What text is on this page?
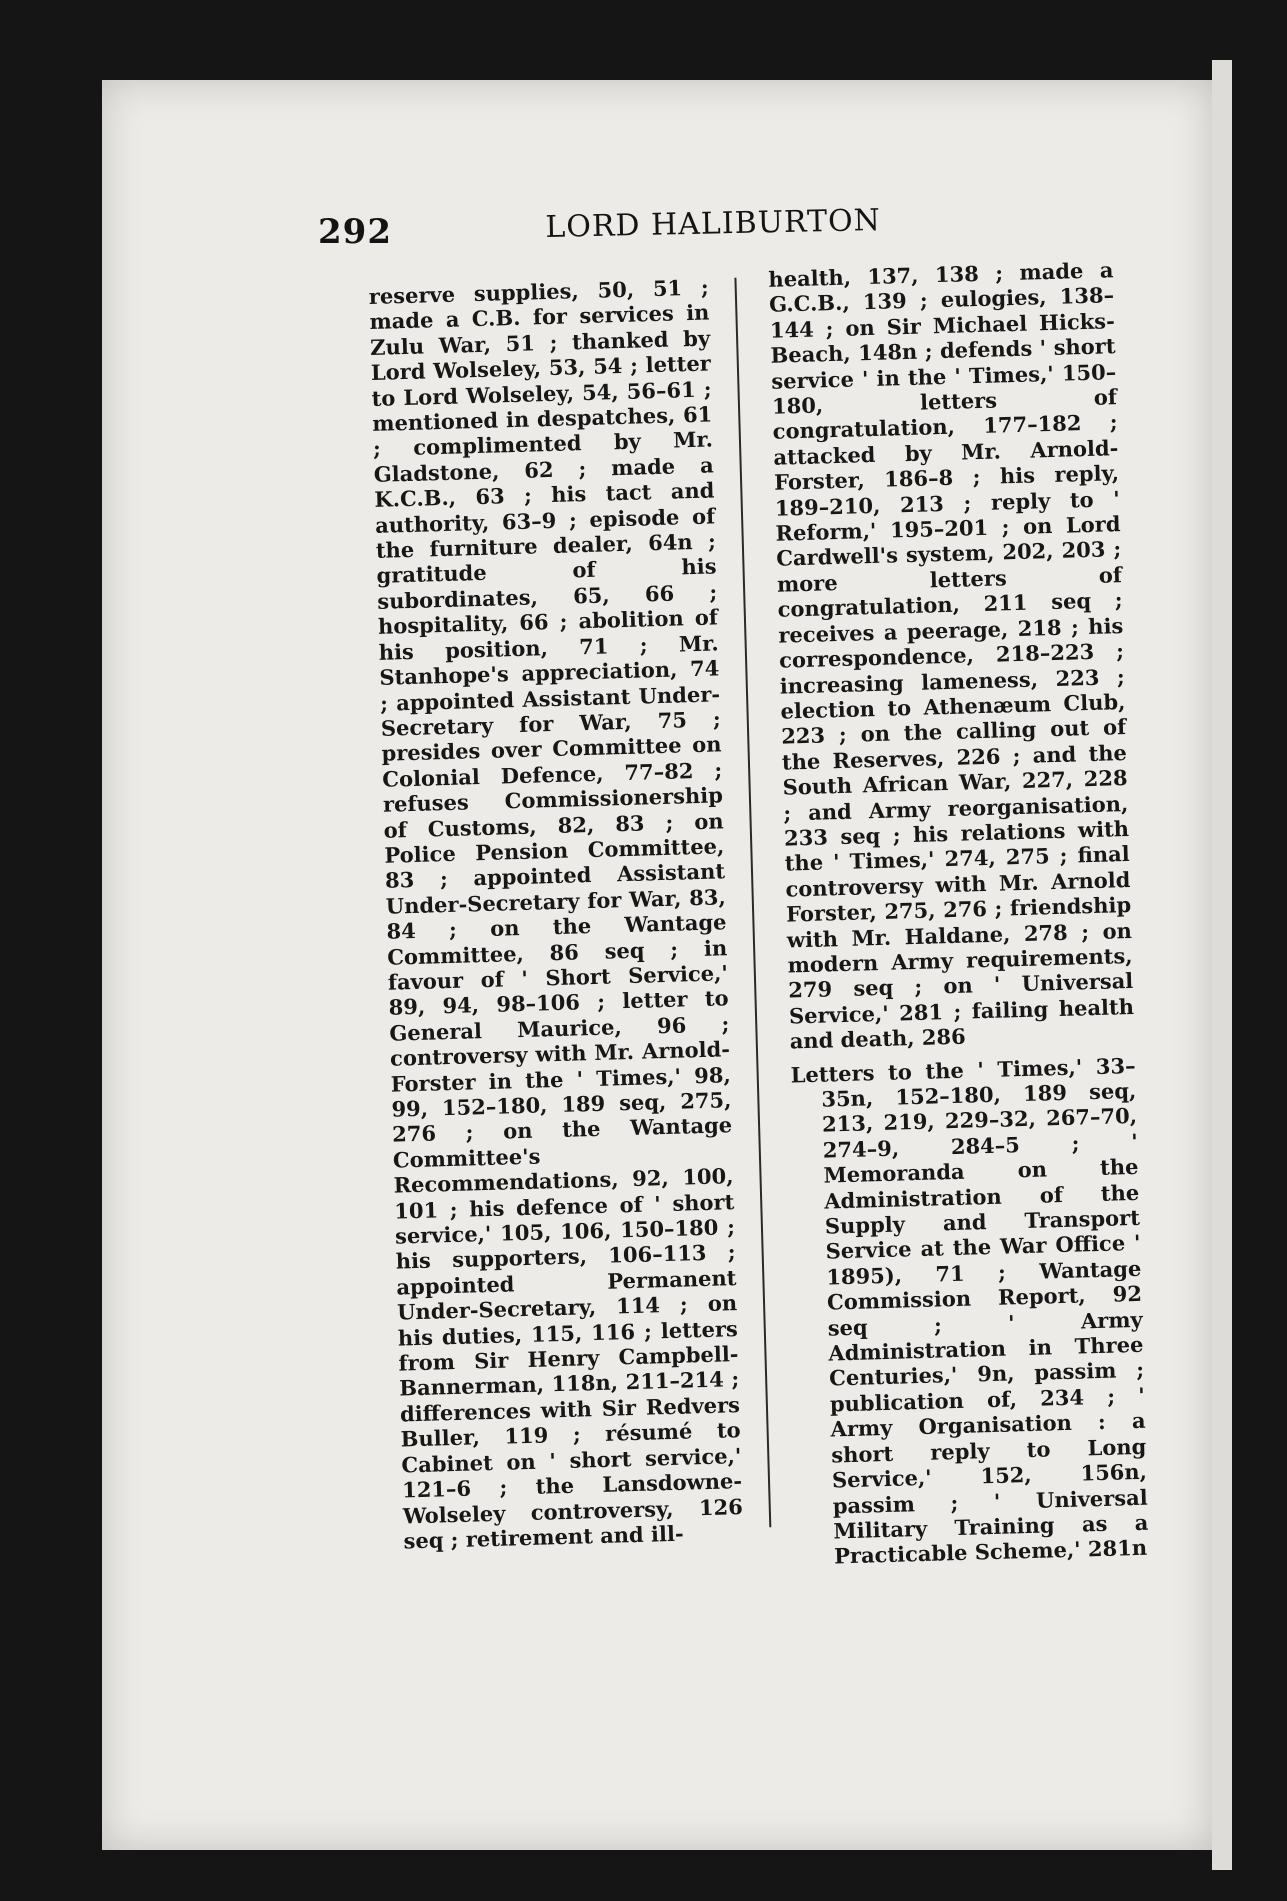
292	LORD HALIBURTON

reserve supplies, 50, 51 ; made a C.B. for services in Zulu War, 51 ; thanked by Lord Wolseley, 53, 54 ; letter to Lord Wolseley, 54, 56–61 ; mentioned in despatches, 61 ; complimented by Mr. Gladstone, 62 ; made a K.C.B., 63 ; his tact and authority, 63–9 ; episode of the furniture dealer, 64n ; gratitude of his subordinates, 65, 66 ; hospitality, 66 ; abolition of his position, 71 ; Mr. Stanhope's appreciation, 74 ; appointed Assistant Under-Secretary for War, 75 ; presides over Committee on Colonial Defence, 77–82 ; refuses Commissionership of Customs, 82, 83 ; on Police Pension Committee, 83 ; appointed Assistant Under-Secretary for War, 83, 84 ; on the Wantage Committee, 86 seq ; in favour of ' Short Service,' 89, 94, 98–106 ; letter to General Maurice, 96 ; controversy with Mr. Arnold-Forster in the ' Times,' 98, 99, 152–180, 189 seq, 275, 276 ; on the Wantage Committee's Recommendations, 92, 100, 101 ; his defence of ' short service,' 105, 106, 150–180 ; his supporters, 106–113 ; appointed Permanent Under-Secretary, 114 ; on his duties, 115, 116 ; letters from Sir Henry Campbell-Bannerman, 118n, 211–214 ; differences with Sir Redvers Buller, 119 ; résumé to Cabinet on ' short service,' 121–6 ; the Lansdowne-Wolseley controversy, 126 seq ; retirement and ill-

health, 137, 138 ; made a G.C.B., 139 ; eulogies, 138–144 ; on Sir Michael Hicks-Beach, 148n ; defends ' short service ' in the ' Times,' 150–180, letters of congratulation, 177–182 ; attacked by Mr. Arnold-Forster, 186–8 ; his reply, 189–210, 213 ; reply to ' Reform,' 195–201 ; on Lord Cardwell's system, 202, 203 ; more letters of congratulation, 211 seq ; receives a peerage, 218 ; his correspondence, 218–223 ; increasing lameness, 223 ; election to Athenæum Club, 223 ; on the calling out of the Reserves, 226 ; and the South African War, 227, 228 ; and Army reorganisation, 233 seq ; his relations with the ' Times,' 274, 275 ; final controversy with Mr. Arnold Forster, 275, 276 ; friendship with Mr. Haldane, 278 ; on modern Army requirements, 279 seq ; on ' Universal Service,' 281 ; failing health and death, 286

Letters to the ' Times,' 33–35n, 152–180, 189 seq, 213, 219, 229–32, 267–70, 274–9, 284–5 ; ' Memoranda on the Administration of the Supply and Transport Service at the War Office ' 1895), 71 ; Wantage Commission Report, 92 seq ; ' Army Administration in Three Centuries,' 9n, passim ; publication of, 234 ; ' Army Organisation : a short reply to Long Service,' 152, 156n, passim ; ' Universal Military Training as a Practicable Scheme,' 281n
